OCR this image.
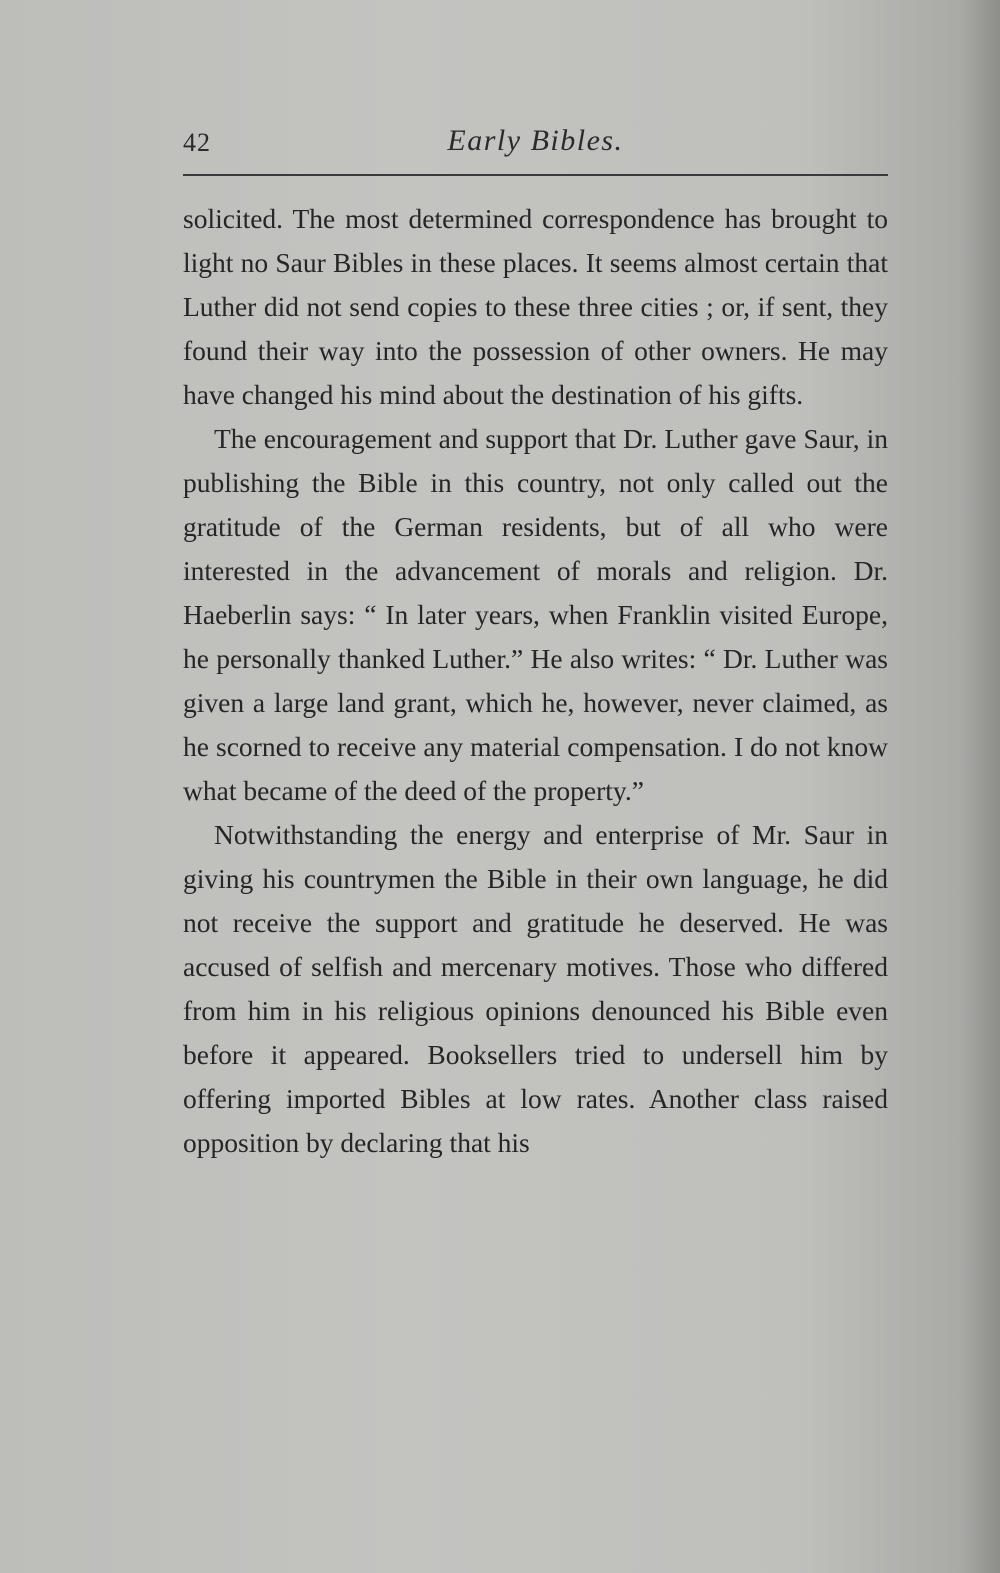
42	Early Bibles.

solicited. The most determined correspondence has brought to light no Saur Bibles in these places. It seems almost certain that Luther did not send copies to these three cities ; or, if sent, they found their way into the possession of other owners. He may have changed his mind about the destination of his gifts.

The encouragement and support that Dr. Luther gave Saur, in publishing the Bible in this country, not only called out the gratitude of the German residents, but of all who were interested in the advancement of morals and religion. Dr. Haeberlin says: “ In later years, when Franklin visited Europe, he personally thanked Luther.” He also writes: “ Dr. Luther was given a large land grant, which he, however, never claimed, as he scorned to receive any material compensation. I do not know what became of the deed of the property.”

Notwithstanding the energy and enterprise of Mr. Saur in giving his countrymen the Bible in their own language, he did not receive the support and gratitude he deserved. He was accused of selfish and mercenary motives. Those who differed from him in his religious opinions denounced his Bible even before it appeared. Booksellers tried to undersell him by offering imported Bibles at low rates. Another class raised opposition by declaring that his
